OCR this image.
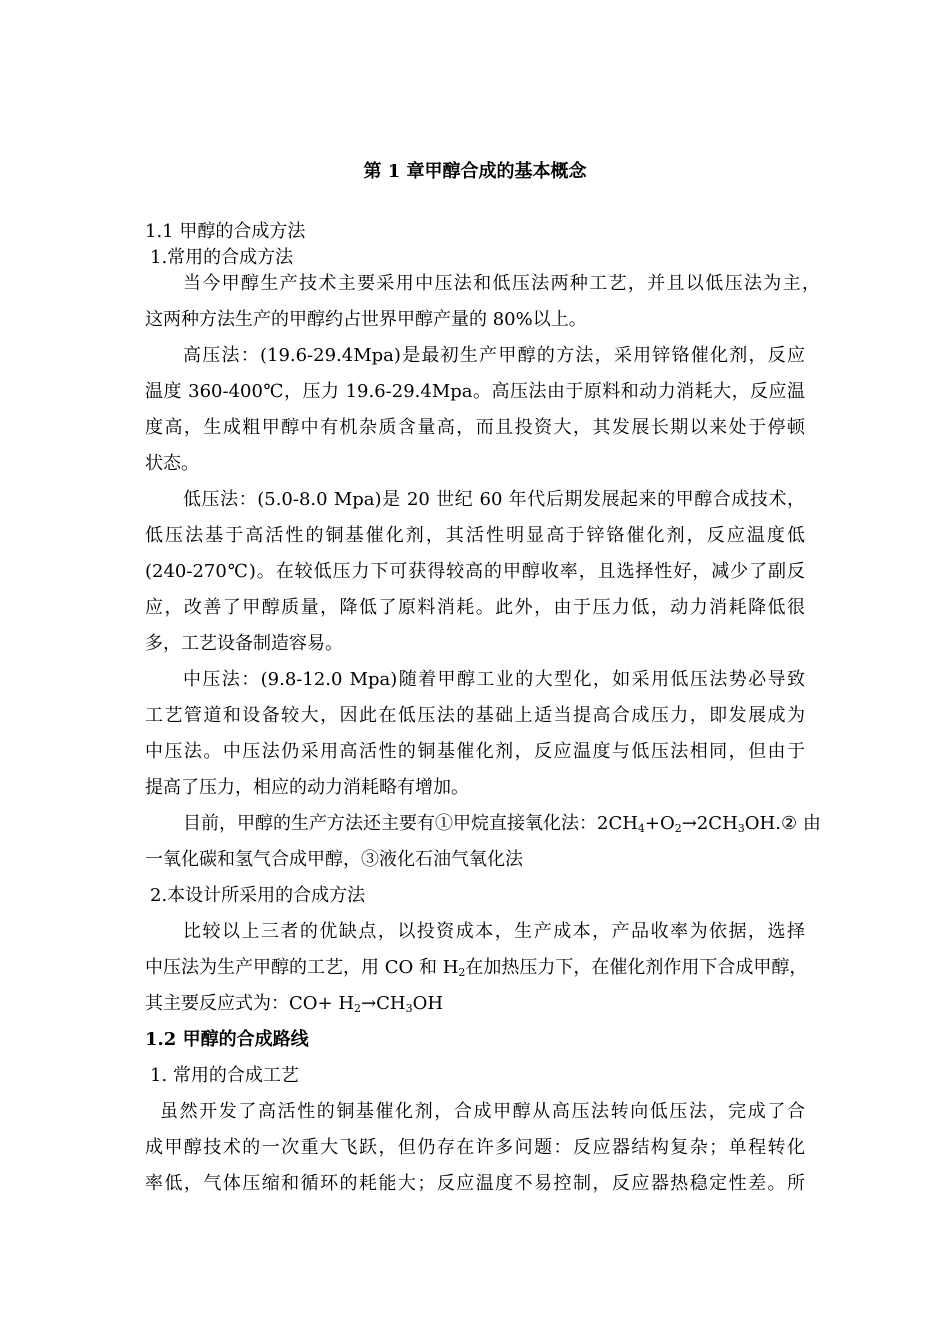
第 1 章甲醇合成的基本概念
1.1 甲醇的合成方法
1.常用的合成方法
当今甲醇生产技术主要采用中压法和低压法两种工艺，并且以低压法为主，
这两种方法生产的甲醇约占世界甲醇产量的 80%以上。
高压法：(19.6-29.4Mpa)是最初生产甲醇的方法，采用锌铬催化剂，反应
温度 360-400℃，压力 19.6-29.4Mpa。高压法由于原料和动力消耗大，反应温
度高，生成粗甲醇中有机杂质含量高，而且投资大，其发展长期以来处于停顿
状态。
低压法：(5.0-8.0 Mpa)是 20 世纪 60 年代后期发展起来的甲醇合成技术，
低压法基于高活性的铜基催化剂，其活性明显高于锌铬催化剂，反应温度低
(240-270℃)。在较低压力下可获得较高的甲醇收率，且选择性好，减少了副反
应，改善了甲醇质量，降低了原料消耗。此外，由于压力低，动力消耗降低很
多，工艺设备制造容易。
中压法：(9.8-12.0 Mpa)随着甲醇工业的大型化，如采用低压法势必导致
工艺管道和设备较大，因此在低压法的基础上适当提高合成压力，即发展成为
中压法。中压法仍采用高活性的铜基催化剂，反应温度与低压法相同，但由于
提高了压力，相应的动力消耗略有增加。
目前，甲醇的生产方法还主要有①甲烷直接氧化法：$2CH_4+O_2\to 2CH_3OH.②$ 由
一氧化碳和氢气合成甲醇，③液化石油气氧化法
2.本设计所采用的合成方法
比较以上三者的优缺点，以投资成本，生产成本，产品收率为依据，选择
中压法为生产甲醇的工艺，用 CO 和 $H_2$在加热压力下，在催化剂作用下合成甲醇，
其主要反应式为：$CO+ H_2\to CH_3OH$
1.2 甲醇的合成路线
1. 常用的合成工艺
虽然开发了高活性的铜基催化剂，合成甲醇从高压法转向低压法，完成了合
成甲醇技术的一次重大飞跃，但仍存在许多问题：反应器结构复杂；单程转化
率低，气体压缩和循环的耗能大；反应温度不易控制，反应器热稳定性差。所
